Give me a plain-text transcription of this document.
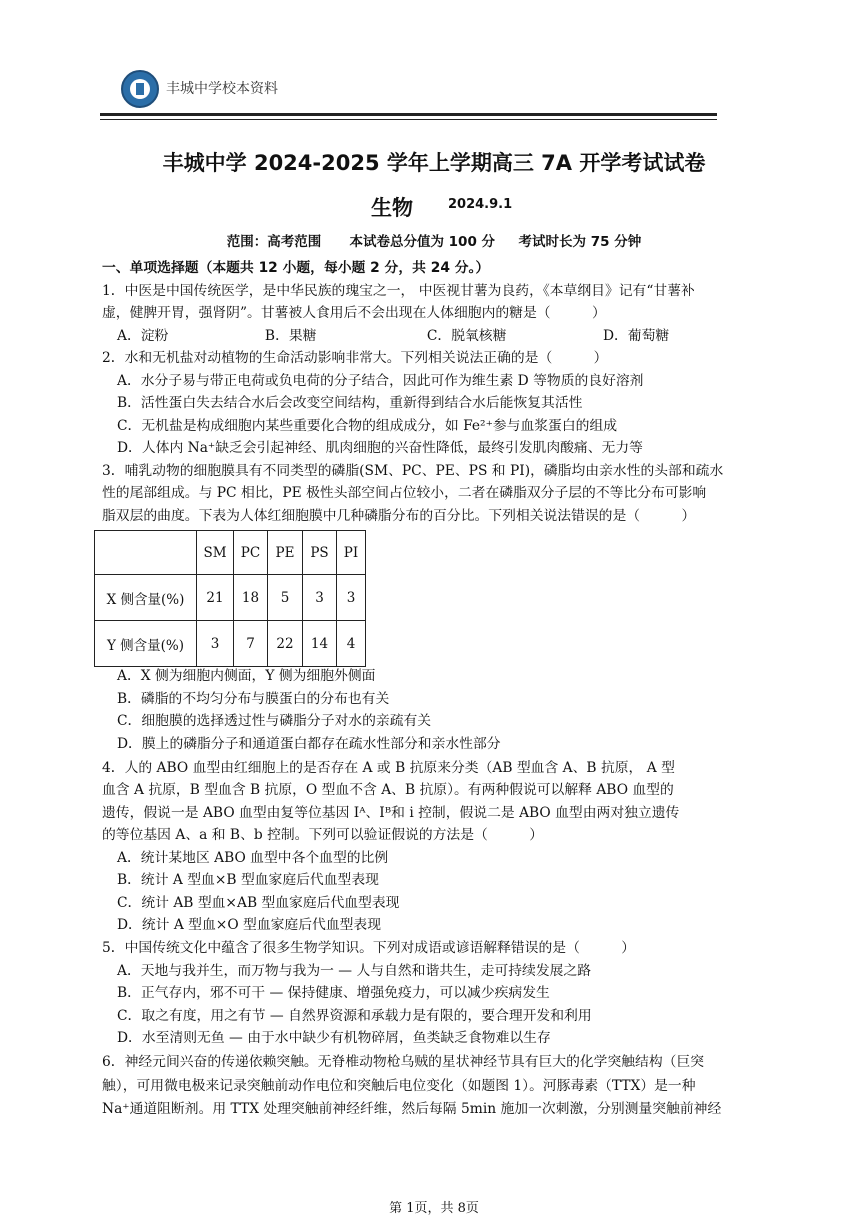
丰城中学校本资料
丰城中学 2024-2025 学年上学期高三 7A 开学考试试卷
生物	2024.9.1
范围：高考范围      本试卷总分值为 100 分     考试时长为 75 分钟
一、单项选择题（本题共 12 小题，每小题 2 分，共 24 分。）
1．中医是中国传统医学，是中华民族的瑰宝之一， 中医视甘薯为良药，《本草纲目》记有“甘薯补
虚，健脾开胃，强肾阴”。甘薯被人食用后不会出现在人体细胞内的糖是（　　　）
A．淀粉　　　　　　　B．果糖　　　　　　　　C．脱氧核糖　　　　　　　D．葡萄糖
2．水和无机盐对动植物的生命活动影响非常大。下列相关说法正确的是（　　　）
A．水分子易与带正电荷或负电荷的分子结合，因此可作为维生素 D 等物质的良好溶剂
B．活性蛋白失去结合水后会改变空间结构，重新得到结合水后能恢复其活性
C．无机盐是构成细胞内某些重要化合物的组成成分，如 Fe²⁺参与血浆蛋白的组成
D．人体内 Na⁺缺乏会引起神经、肌肉细胞的兴奋性降低，最终引发肌肉酸痛、无力等
3．哺乳动物的细胞膜具有不同类型的磷脂(SM、PC、PE、PS 和 PI)，磷脂均由亲水性的头部和疏水
性的尾部组成。与 PC 相比，PE 极性头部空间占位较小，二者在磷脂双分子层的不等比分布可影响
脂双层的曲度。下表为人体红细胞膜中几种磷脂分布的百分比。下列相关说法错误的是（　　　）
	SM	PC	PE	PS	PI
X 侧含量(%)	21	18	5	3	3
Y 侧含量(%)	3	7	22	14	4
A．X 侧为细胞内侧面，Y 侧为细胞外侧面
B．磷脂的不均匀分布与膜蛋白的分布也有关
C．细胞膜的选择透过性与磷脂分子对水的亲疏有关
D．膜上的磷脂分子和通道蛋白都存在疏水性部分和亲水性部分
4．人的 ABO 血型由红细胞上的是否存在 A 或 B 抗原来分类（AB 型血含 A、B 抗原， A 型
血含 A 抗原，B 型血含 B 抗原，O 型血不含 A、B 抗原）。有两种假说可以解释 ABO 血型的
遗传，假说一是 ABO 血型由复等位基因 Iᴬ、Iᴮ和 i 控制，假说二是 ABO 血型由两对独立遗传
的等位基因 A、a 和 B、b 控制。下列可以验证假说的方法是（　　　）
A．统计某地区 ABO 血型中各个血型的比例
B．统计 A 型血×B 型血家庭后代血型表现
C．统计 AB 型血×AB 型血家庭后代血型表现
D．统计 A 型血×O 型血家庭后代血型表现
5．中国传统文化中蕴含了很多生物学知识。下列对成语或谚语解释错误的是（　　　）
A．天地与我并生，而万物与我为一 — 人与自然和谐共生，走可持续发展之路
B．正气存内，邪不可干 — 保持健康、增强免疫力，可以减少疾病发生
C．取之有度，用之有节 — 自然界资源和承载力是有限的，要合理开发和利用
D．水至清则无鱼 — 由于水中缺少有机物碎屑，鱼类缺乏食物难以生存
6．神经元间兴奋的传递依赖突触。无脊椎动物枪乌贼的星状神经节具有巨大的化学突触结构（巨突
触），可用微电极来记录突触前动作电位和突触后电位变化（如题图 1）。河豚毒素（TTX）是一种
Na⁺通道阻断剂。用 TTX 处理突触前神经纤维，然后每隔 5min 施加一次刺激，分别测量突触前神经
第 1页，共 8页
